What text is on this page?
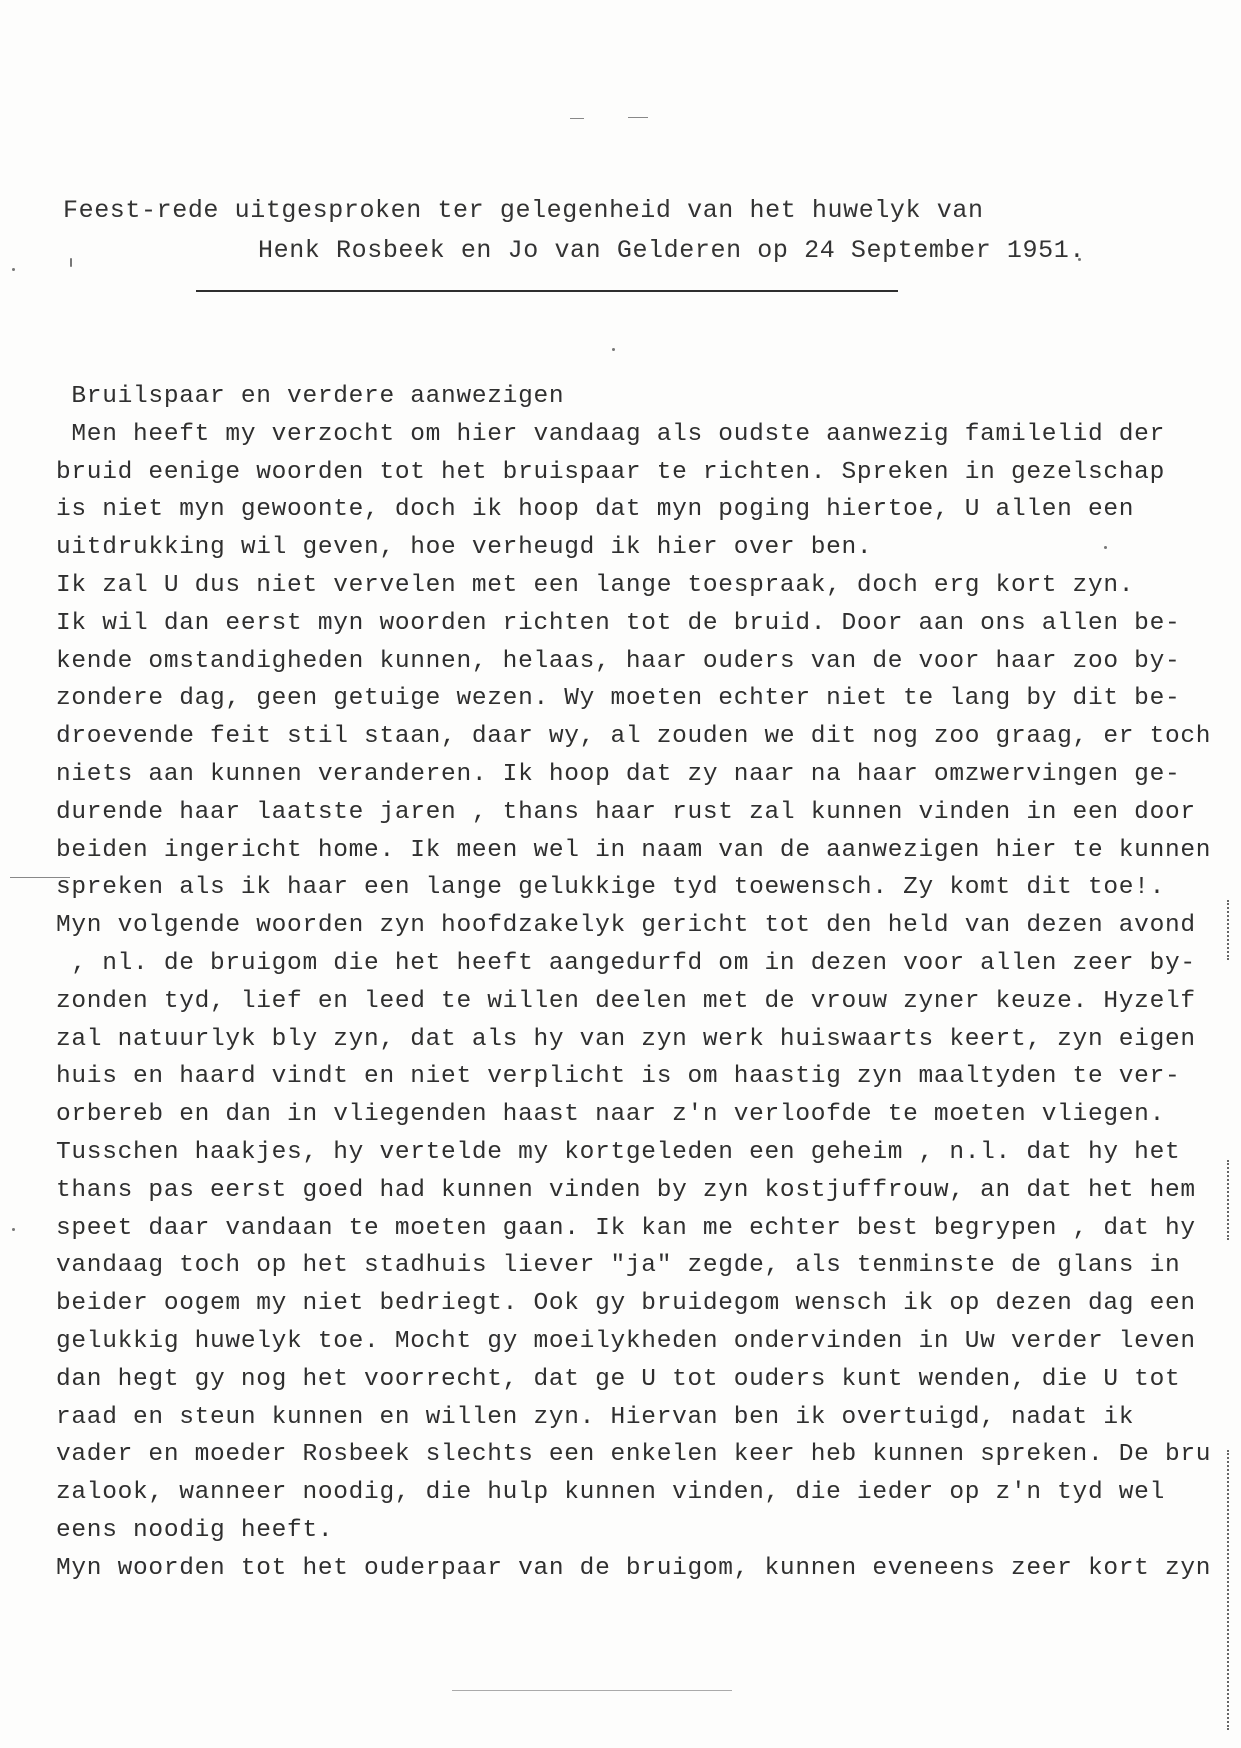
Feest-rede uitgesproken ter gelegenheid van het huwelyk van
Henk Rosbeek en Jo van Gelderen op 24 September 1951.
Bruilspaar en verdere aanwezigen
Men heeft my verzocht om hier vandaag als oudste aanwezig familelid der
bruid eenige woorden tot het bruispaar te richten. Spreken in gezelschap
is niet myn gewoonte, doch ik hoop dat myn poging hiertoe, U allen een
uitdrukking wil geven, hoe verheugd ik hier over ben.
Ik zal U dus niet vervelen met een lange toespraak, doch erg kort zyn.
Ik wil dan eerst myn woorden richten tot de bruid. Door aan ons allen be-
kende omstandigheden kunnen, helaas, haar ouders van de voor haar zoo by-
zondere dag, geen getuige wezen. Wy moeten echter niet te lang by dit be-
droevende feit stil staan, daar wy, al zouden we dit nog zoo graag, er toch
niets aan kunnen veranderen. Ik hoop dat zy naar na haar omzwervingen ge-
durende haar laatste jaren , thans haar rust zal kunnen vinden in een door
beiden ingericht home. Ik meen wel in naam van de aanwezigen hier te kunnen
spreken als ik haar een lange gelukkige tyd toewensch. Zy komt dit toe!.
Myn volgende woorden zyn hoofdzakelyk gericht tot den held van dezen avond
, nl. de bruigom die het heeft aangedurfd om in dezen voor allen zeer by-
zonden tyd, lief en leed te willen deelen met de vrouw zyner keuze. Hyzelf
zal natuurlyk bly zyn, dat als hy van zyn werk huiswaarts keert, zyn eigen
huis en haard vindt en niet verplicht is om haastig zyn maaltyden te ver-
orbereb en dan in vliegenden haast naar z'n verloofde te moeten vliegen.
Tusschen haakjes, hy vertelde my kortgeleden een geheim , n.l. dat hy het
thans pas eerst goed had kunnen vinden by zyn kostjuffrouw, an dat het hem
speet daar vandaan te moeten gaan. Ik kan me echter best begrypen , dat hy
vandaag toch op het stadhuis liever "ja" zegde, als tenminste de glans in
beider oogem my niet bedriegt. Ook gy bruidegom wensch ik op dezen dag een
gelukkig huwelyk toe. Mocht gy moeilykheden ondervinden in Uw verder leven
dan hegt gy nog het voorrecht, dat ge U tot ouders kunt wenden, die U tot
raad en steun kunnen en willen zyn. Hiervan ben ik overtuigd, nadat ik
vader en moeder Rosbeek slechts een enkelen keer heb kunnen spreken. De bru
zalook, wanneer noodig, die hulp kunnen vinden, die ieder op z'n tyd wel
eens noodig heeft.
Myn woorden tot het ouderpaar van de bruigom, kunnen eveneens zeer kort zyn
